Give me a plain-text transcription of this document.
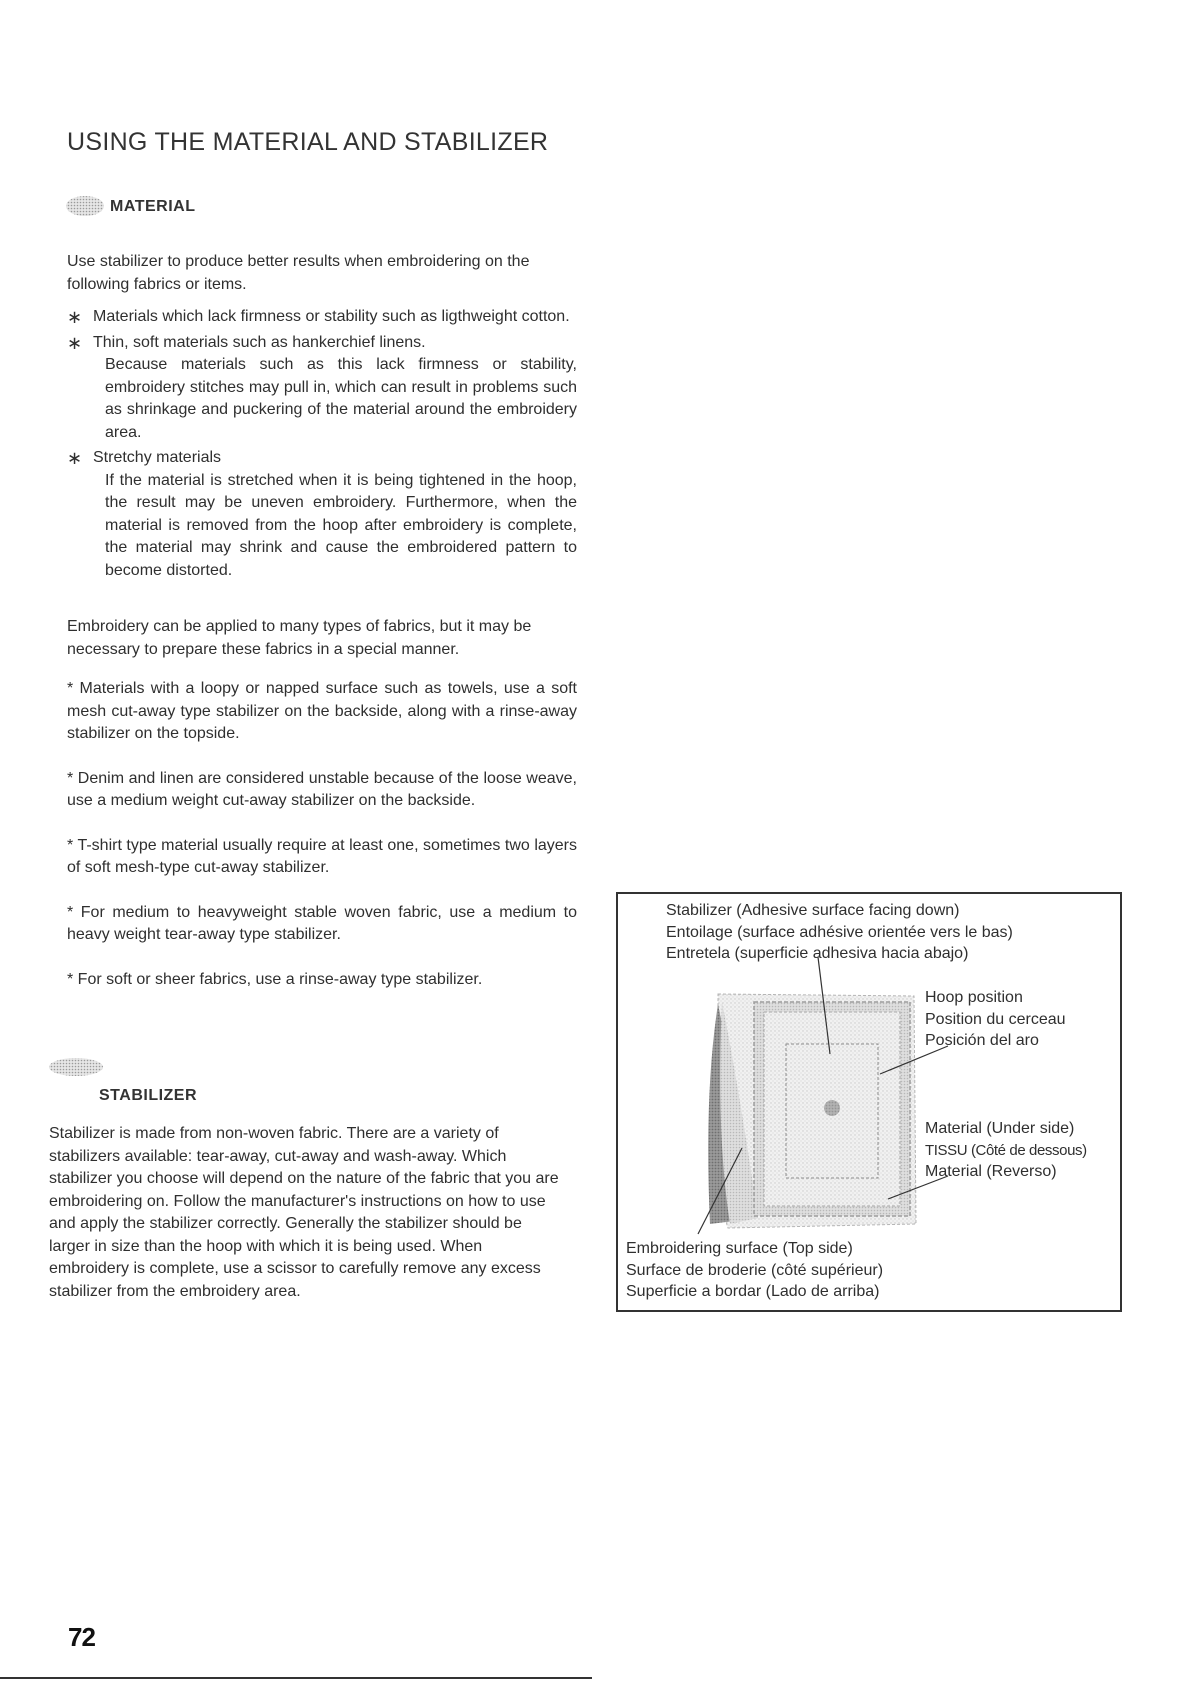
USING THE MATERIAL AND STABILIZER
MATERIAL
Use stabilizer to produce better results when embroidering on the following fabrics or items.
∗ Materials which lack firmness or stability such as ligthweight cotton.
∗ Thin, soft materials such as hankerchief linens.
Because materials such as this lack firmness or stability, embroidery stitches may pull in, which can result in problems such as shrinkage and puckering of the material around the embroidery area.
∗ Stretchy materials
If the material is stretched when it is being tightened in the hoop, the result may be uneven embroidery. Furthermore, when the material is removed from the hoop after embroidery is complete, the material may shrink and cause the embroidered pattern to become distorted.
Embroidery can be applied to many types of fabrics, but it may be necessary to prepare these fabrics in a special manner.

* Materials with a loopy or napped surface such as towels, use a soft mesh cut-away type stabilizer on the backside, along with a rinse-away stabilizer on the topside.

* Denim and linen are considered unstable because of the loose weave, use a medium weight cut-away stabilizer on the backside.

* T-shirt type material usually require at least one, sometimes two layers of soft mesh-type cut-away stabilizer.

* For medium to heavyweight stable woven fabric, use a medium to heavy weight tear-away type stabilizer.

* For soft or sheer fabrics, use a rinse-away type stabilizer.

STABILIZER
Stabilizer is made from non-woven fabric. There are a variety of stabilizers available: tear-away, cut-away and wash-away. Which stabilizer you choose will depend on the nature of the fabric that you are embroidering on. Follow the manufacturer's instructions on how to use and apply the stabilizer correctly. Generally the stabilizer should be larger in size than the hoop with which it is being used. When embroidery is complete, use a scissor to carefully remove any excess stabilizer from the embroidery area.
Stabilizer (Adhesive surface facing down)
Entoilage (surface adhésive orientée vers le bas)
Entretela (superficie adhesiva hacia abajo)
Hoop position
Position du cerceau
Posición del aro
Material (Under side)
TISSU (Côté de dessous)
Material (Reverso)
Embroidering surface (Top side)
Surface de broderie (côté supérieur)
Superficie a bordar (Lado de arriba)
72
